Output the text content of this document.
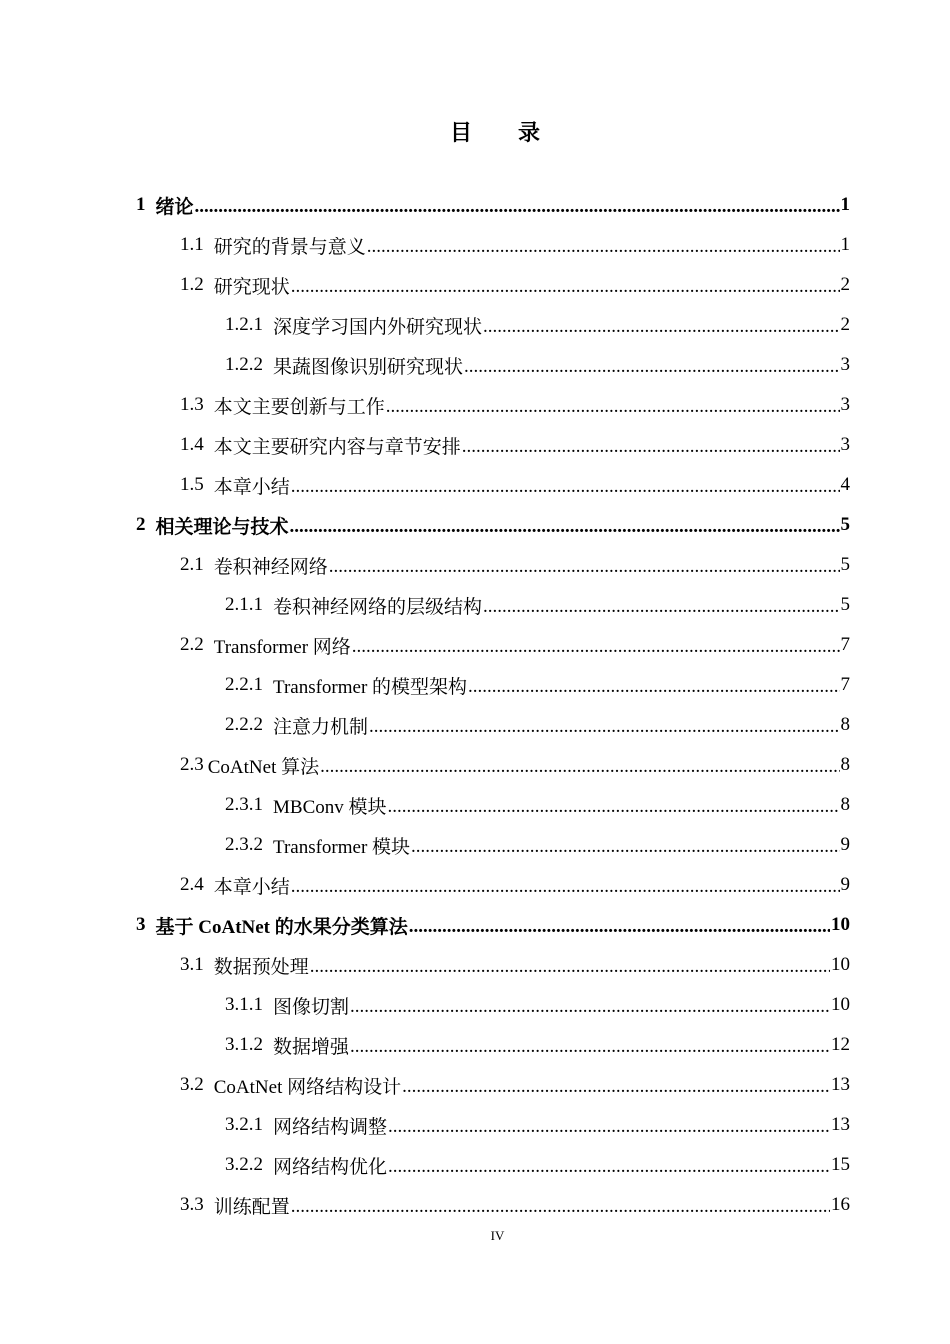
目 录
1 绪论 .....	1
1.1 研究的背景与意义 .....	1
1.2 研究现状 .....	2
1.2.1 深度学习国内外研究现状 .....	2
1.2.2 果蔬图像识别研究现状 .....	3
1.3 本文主要创新与工作 .....	3
1.4 本文主要研究内容与章节安排 .....	3
1.5 本章小结 .....	4
2 相关理论与技术 .....	5
2.1 卷积神经网络 .....	5
2.1.1 卷积神经网络的层级结构 .....	5
2.2 Transformer 网络 .....	7
2.2.1 Transformer 的模型架构 .....	7
2.2.2 注意力机制 .....	8
2.3 CoAtNet 算法 .....	8
2.3.1 MBConv 模块 .....	8
2.3.2 Transformer 模块 .....	9
2.4 本章小结 .....	9
3 基于 CoAtNet 的水果分类算法 .....	10
3.1 数据预处理 .....	10
3.1.1 图像切割 .....	10
3.1.2 数据增强 .....	12
3.2 CoAtNet 网络结构设计 .....	13
3.2.1 网络结构调整 .....	13
3.2.2 网络结构优化 .....	15
3.3 训练配置 .....	16
IV
